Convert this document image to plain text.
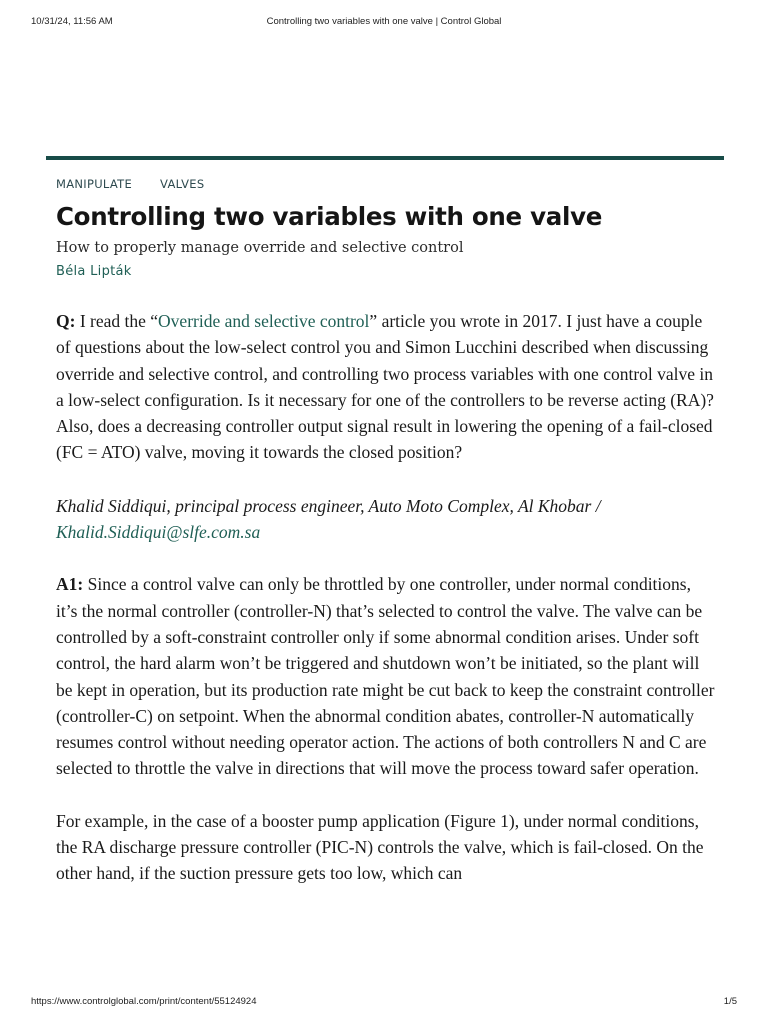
10/31/24, 11:56 AM	Controlling two variables with one valve | Control Global
MANIPULATE VALVES
Controlling two variables with one valve
How to properly manage override and selective control
Béla Lipták

Q: I read the “Override and selective control” article you wrote in 2017. I just have a couple of questions about the low-select control you and Simon Lucchini described when discussing override and selective control, and controlling two process variables with one control valve in a low-select configuration. Is it necessary for one of the controllers to be reverse acting (RA)? Also, does a decreasing controller output signal result in lowering the opening of a fail-closed (FC = ATO) valve, moving it towards the closed position?

Khalid Siddiqui, principal process engineer, Auto Moto Complex, Al Khobar / Khalid.Siddiqui@slfe.com.sa

A1: Since a control valve can only be throttled by one controller, under normal conditions, it’s the normal controller (controller-N) that’s selected to control the valve. The valve can be controlled by a soft-constraint controller only if some abnormal condition arises. Under soft control, the hard alarm won’t be triggered and shutdown won’t be initiated, so the plant will be kept in operation, but its production rate might be cut back to keep the constraint controller (controller-C) on setpoint. When the abnormal condition abates, controller-N automatically resumes control without needing operator action. The actions of both controllers N and C are selected to throttle the valve in directions that will move the process toward safer operation.

For example, in the case of a booster pump application (Figure 1), under normal conditions, the RA discharge pressure controller (PIC-N) controls the valve, which is fail-closed. On the other hand, if the suction pressure gets too low, which can

https://www.controlglobal.com/print/content/55124924	1/5
